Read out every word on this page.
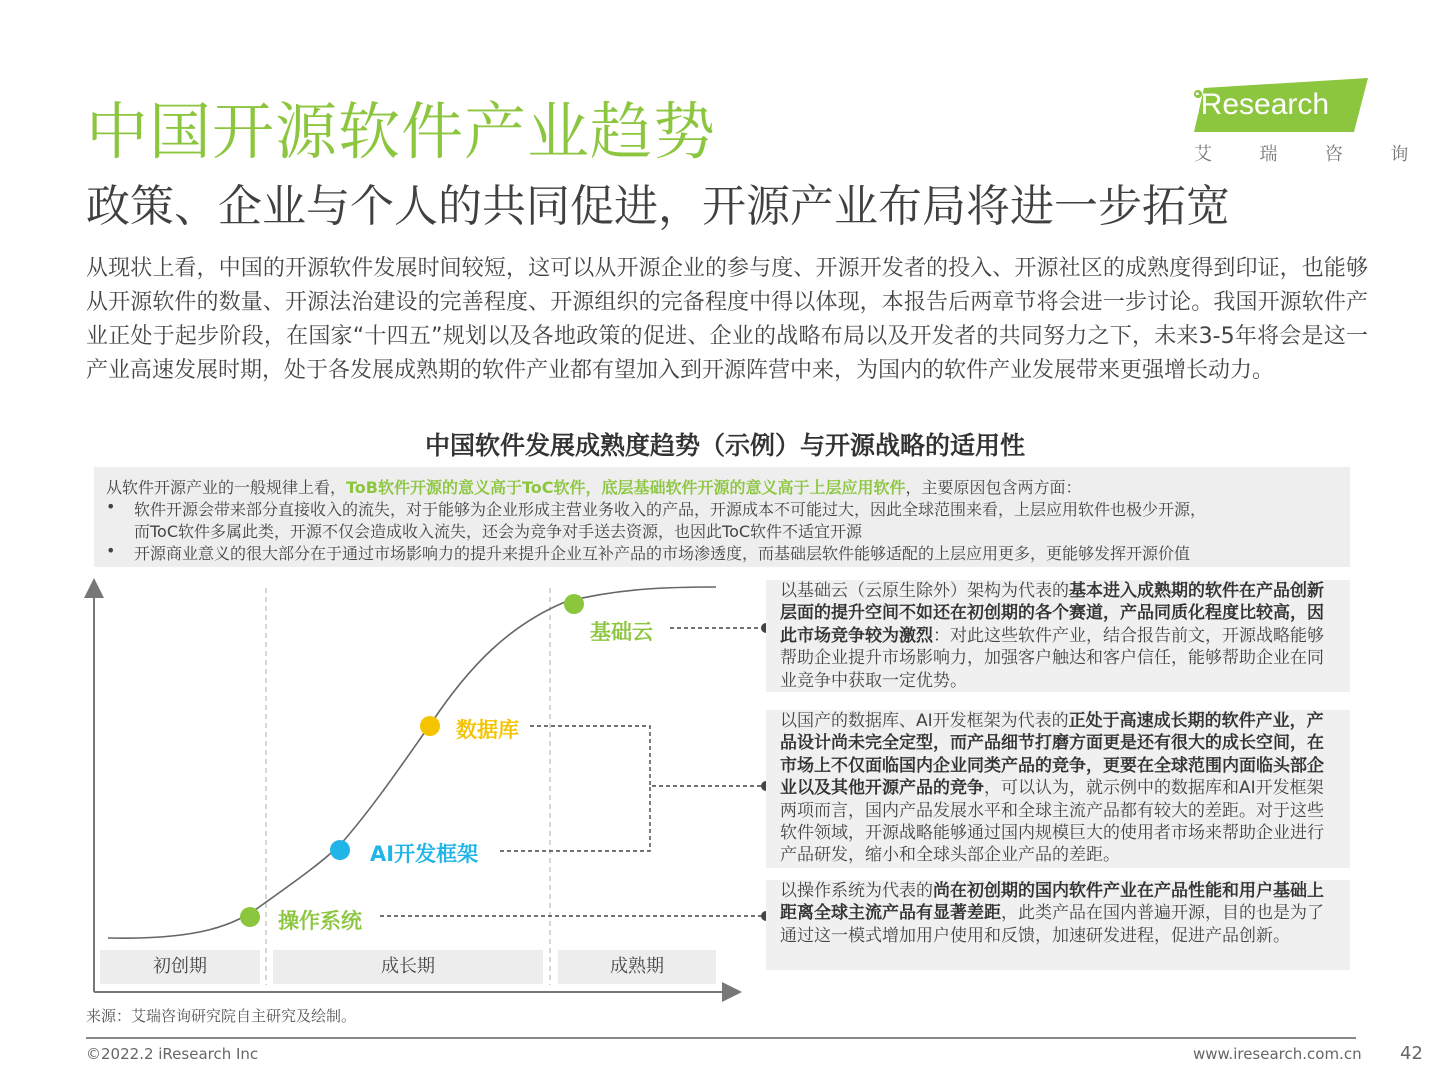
中国开源软件产业趋势
政策、企业与个人的共同促进，开源产业布局将进一步拓宽
iResearch
艾  瑞  咨  询
从现状上看，中国的开源软件发展时间较短，这可以从开源企业的参与度、开源开发者的投入、开源社区的成熟度得到印证，也能够从开源软件的数量、开源法治建设的完善程度、开源组织的完备程度中得以体现，本报告后两章节将会进一步讨论。我国开源软件产业正处于起步阶段，在国家“十四五”规划以及各地政策的促进、企业的战略布局以及开发者的共同努力之下，未来3-5年将会是这一产业高速发展时期，处于各发展成熟期的软件产业都有望加入到开源阵营中来，为国内的软件产业发展带来更强增长动力。
中国软件发展成熟度趋势（示例）与开源战略的适用性
从软件开源产业的一般规律上看，ToB软件开源的意义高于ToC软件，底层基础软件开源的意义高于上层应用软件，主要原因包含两方面：
• 软件开源会带来部分直接收入的流失，对于能够为企业形成主营业务收入的产品，开源成本不可能过大，因此全球范围来看，上层应用软件也极少开源，
而ToC软件多属此类，开源不仅会造成收入流失，还会为竞争对手送去资源，也因此ToC软件不适宜开源
• 开源商业意义的很大部分在于通过市场影响力的提升来提升企业互补产品的市场渗透度，而基础层软件能够适配的上层应用更多，更能够发挥开源价值
基础云
数据库
AI开发框架
操作系统
初创期	成长期	成熟期
以基础云（云原生除外）架构为代表的基本进入成熟期的软件在产品创新层面的提升空间不如还在初创期的各个赛道，产品同质化程度比较高，因此市场竞争较为激烈：对此这些软件产业，结合报告前文，开源战略能够帮助企业提升市场影响力，加强客户触达和客户信任，能够帮助企业在同业竞争中获取一定优势。
以国产的数据库、AI开发框架为代表的正处于高速成长期的软件产业，产品设计尚未完全定型，而产品细节打磨方面更是还有很大的成长空间，在市场上不仅面临国内企业同类产品的竞争，更要在全球范围内面临头部企业以及其他开源产品的竞争，可以认为，就示例中的数据库和AI开发框架两项而言，国内产品发展水平和全球主流产品都有较大的差距。对于这些软件领域，开源战略能够通过国内规模巨大的使用者市场来帮助企业进行产品研发，缩小和全球头部企业产品的差距。
以操作系统为代表的尚在初创期的国内软件产业在产品性能和用户基础上距离全球主流产品有显著差距，此类产品在国内普遍开源，目的也是为了通过这一模式增加用户使用和反馈，加速研发进程，促进产品创新。
来源：艾瑞咨询研究院自主研究及绘制。
©2022.2 iResearch Inc	www.iresearch.com.cn 42
